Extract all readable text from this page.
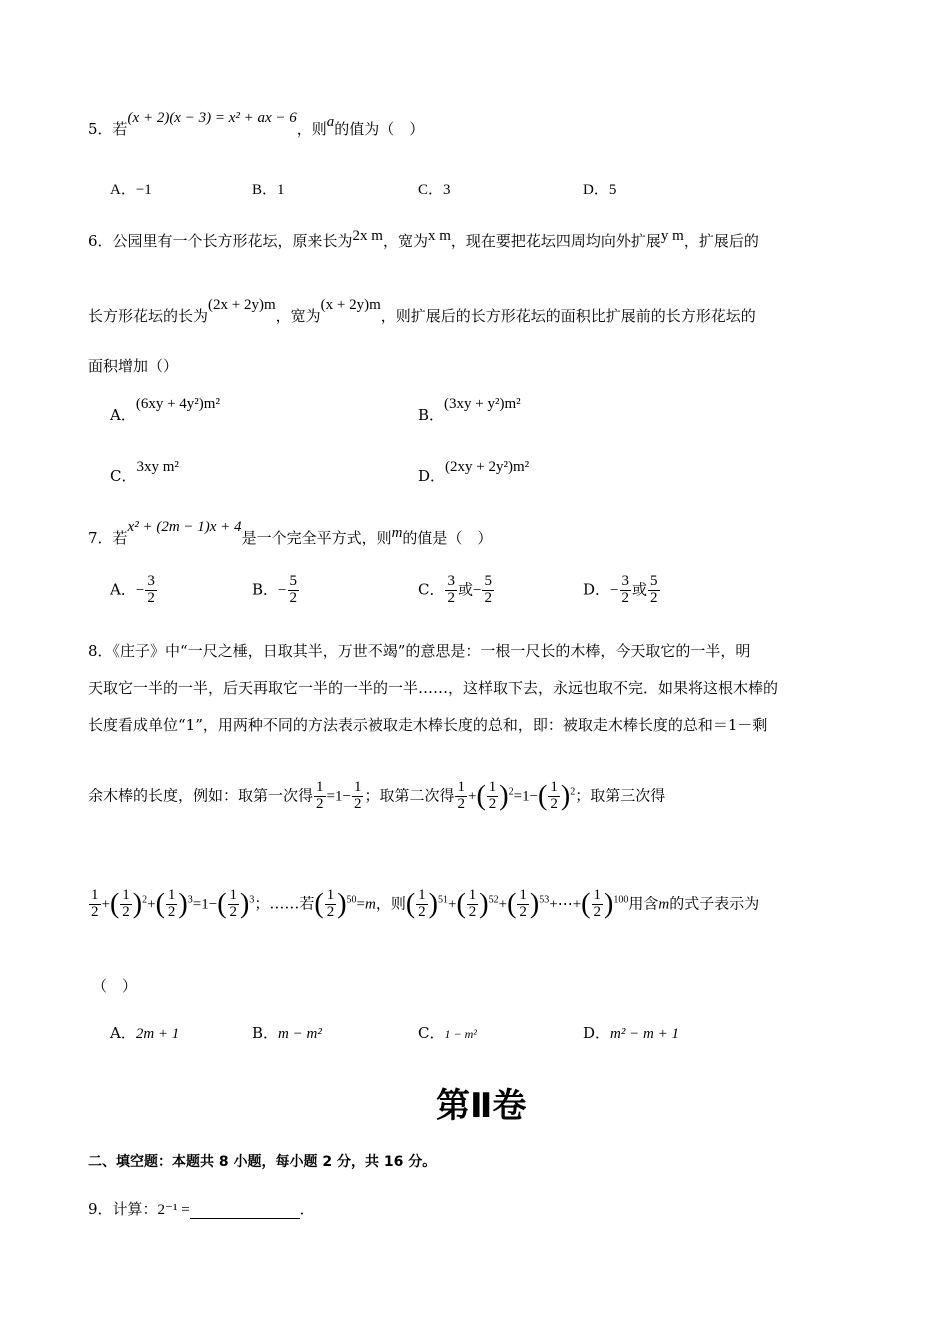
5．若(x + 2)(x − 3) = x² + ax − 6，则a的值为（　）
A．−1	B．1	C．3	D．5
6．公园里有一个长方形花坛，原来长为2x m，宽为x m，现在要把花坛四周均向外扩展y m，扩展后的
长方形花坛的长为(2x + 2y)m，宽为(x + 2y)m，则扩展后的长方形花坛的面积比扩展前的长方形花坛的
面积增加（）
A．(6xy + 4y²)m²
B．(3xy + y²)m²
C．3xy m²	D．(2xy + 2y²)m²
7．若x² + (2m − 1)x + 4是一个完全平方式，则m的值是（　）
A．− $\frac{3}{2}$	B．− $\frac{5}{2}$	C． $\frac{3}{2}$ 或− $\frac{5}{2}$	D．− $\frac{3}{2}$ 或 $\frac{5}{2}$
8．《庄子》中“一尺之棰，日取其半，万世不竭”的意思是：一根一尺长的木棒，今天取它的一半，明
天取它一半的一半，后天再取它一半的一半的一半……，这样取下去，永远也取不完．如果将这根木棒的
长度看成单位“1”，用两种不同的方法表示被取走木棒长度的总和，即：被取走木棒长度的总和＝1－剩
余木棒的长度，例如：取第一次得 $\frac{1}{2} =1- \frac{1}{2}$ ；取第二次得 $\frac{1}{2}$ +( $\frac{1}{2} )^2=1-( \frac{1}{2} )^2$；取第三次得
$\frac{1}{2}$ +( $\frac{1}{2} )^2+( \frac{1}{2} )^3=1-( \frac{1}{2} )^3$；……若( $\frac{1}{2} )^{50}=m$，则( $\frac{1}{2} )^{51}+( \frac{1}{2} )^{52}+( \frac{1}{2}$ )$^{53}+\cdots+( \frac{1}{2} )^{100}$用含m的式子表示为
（　）
A．2m + 1	B．m − m²	C．1 − m²	D．m² − m + 1
第Ⅱ卷
二、填空题：本题共 8 小题，每小题 2 分，共 16 分。
9．计算：2⁻¹ =	．
